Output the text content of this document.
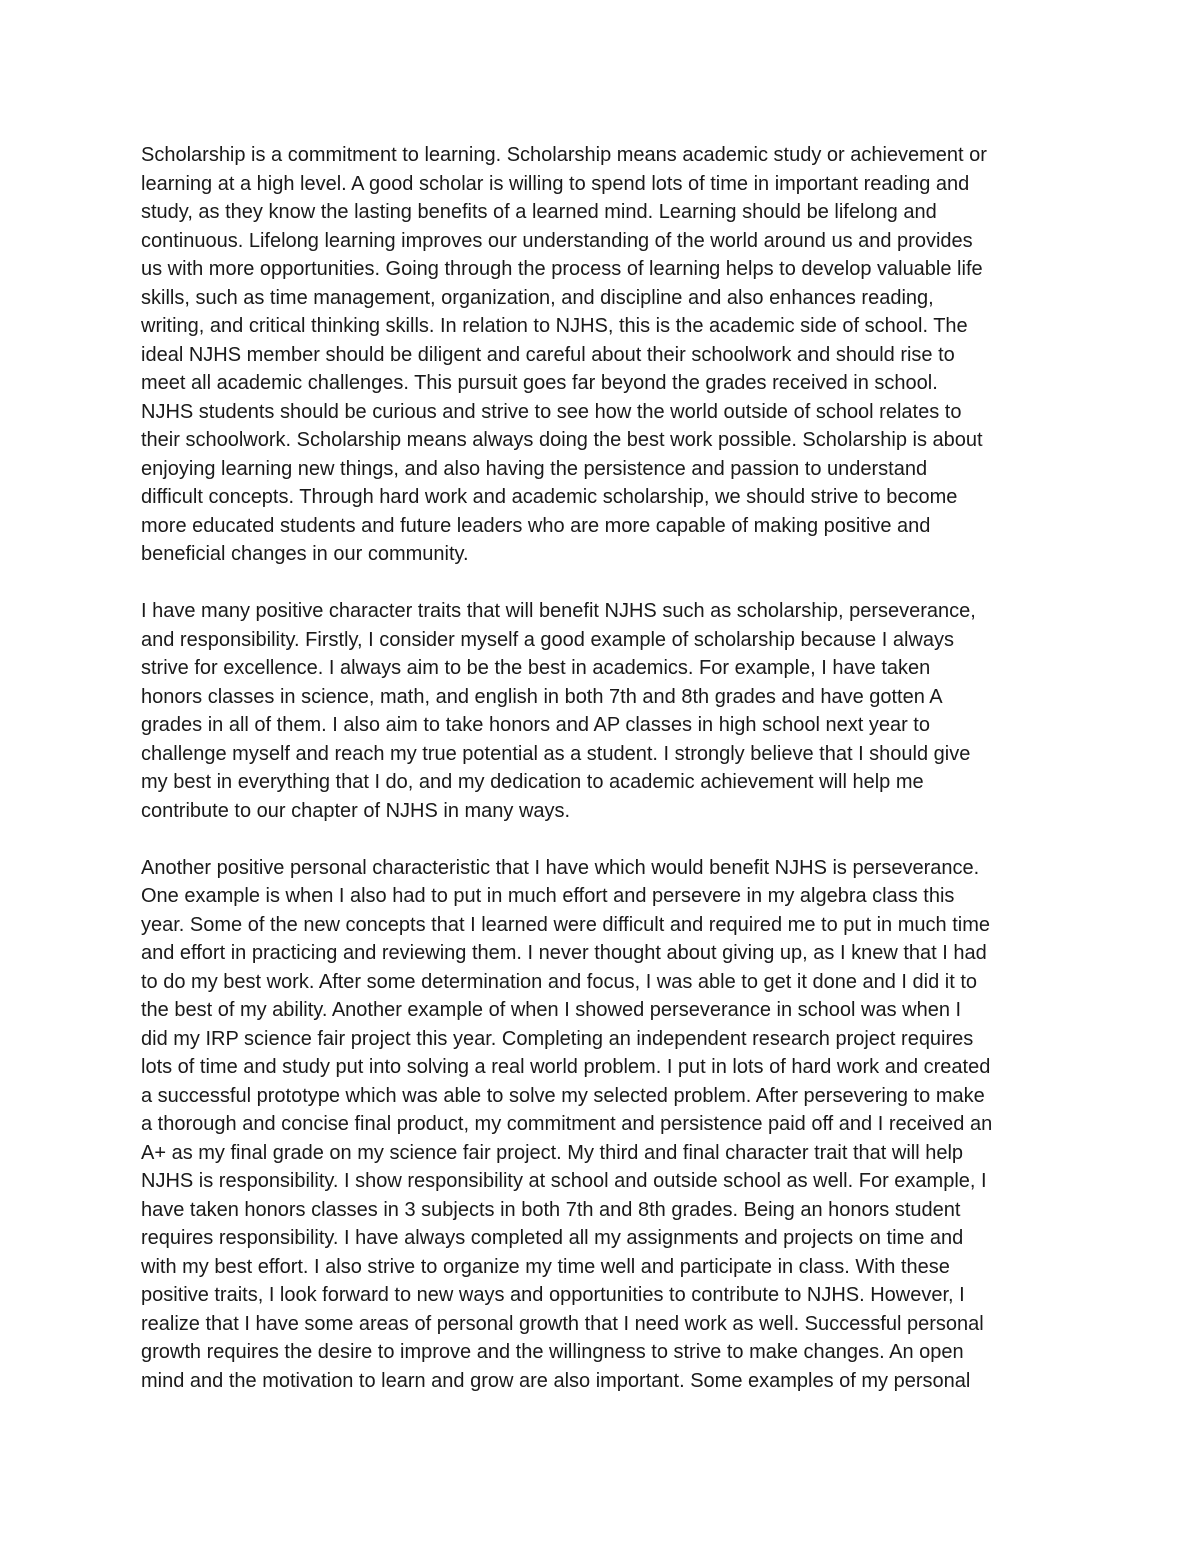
Scholarship is a commitment to learning. Scholarship means academic study or achievement or
learning at a high level. A good scholar is willing to spend lots of time in important reading and
study, as they know the lasting benefits of a learned mind. Learning should be lifelong and
continuous. Lifelong learning improves our understanding of the world around us and provides
us with more opportunities. Going through the process of learning helps to develop valuable life
skills, such as time management, organization, and discipline and also enhances reading,
writing, and critical thinking skills. In relation to NJHS, this is the academic side of school. The
ideal NJHS member should be diligent and careful about their schoolwork and should rise to
meet all academic challenges. This pursuit goes far beyond the grades received in school.
NJHS students should be curious and strive to see how the world outside of school relates to
their schoolwork. Scholarship means always doing the best work possible. Scholarship is about
enjoying learning new things, and also having the persistence and passion to understand
difficult concepts. Through hard work and academic scholarship, we should strive to become
more educated students and future leaders who are more capable of making positive and
beneficial changes in our community.

I have many positive character traits that will benefit NJHS such as scholarship, perseverance,
and responsibility. Firstly, I consider myself a good example of scholarship because I always
strive for excellence. I always aim to be the best in academics. For example, I have taken
honors classes in science, math, and english in both 7th and 8th grades and have gotten A
grades in all of them. I also aim to take honors and AP classes in high school next year to
challenge myself and reach my true potential as a student. I strongly believe that I should give
my best in everything that I do, and my dedication to academic achievement will help me
contribute to our chapter of NJHS in many ways.

Another positive personal characteristic that I have which would benefit NJHS is perseverance.
One example is when I also had to put in much effort and persevere in my algebra class this
year. Some of the new concepts that I learned were difficult and required me to put in much time
and effort in practicing and reviewing them. I never thought about giving up, as I knew that I had
to do my best work. After some determination and focus, I was able to get it done and I did it to
the best of my ability. Another example of when I showed perseverance in school was when I
did my IRP science fair project this year. Completing an independent research project requires
lots of time and study put into solving a real world problem. I put in lots of hard work and created
a successful prototype which was able to solve my selected problem. After persevering to make
a thorough and concise final product, my commitment and persistence paid off and I received an
A+ as my final grade on my science fair project. My third and final character trait that will help
NJHS is responsibility. I show responsibility at school and outside school as well. For example, I
have taken honors classes in 3 subjects in both 7th and 8th grades. Being an honors student
requires responsibility. I have always completed all my assignments and projects on time and
with my best effort. I also strive to organize my time well and participate in class. With these
positive traits, I look forward to new ways and opportunities to contribute to NJHS. However, I
realize that I have some areas of personal growth that I need work as well. Successful personal
growth requires the desire to improve and the willingness to strive to make changes. An open
mind and the motivation to learn and grow are also important. Some examples of my personal
